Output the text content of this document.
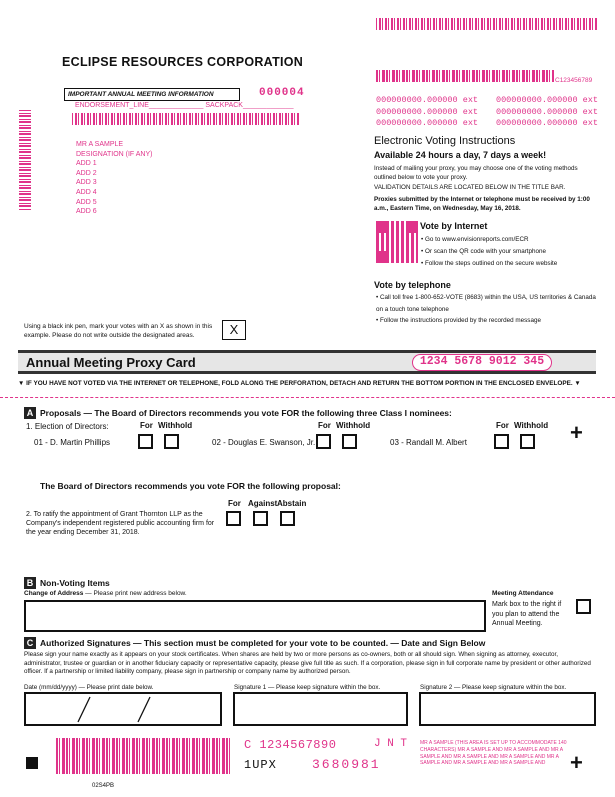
ECLIPSE RESOURCES CORPORATION
IMPORTANT ANNUAL MEETING INFORMATION	000004
ENDORSEMENT_LINE______________ SACKPACK_____________
MR A SAMPLE
DESIGNATION (IF ANY)
ADD 1
ADD 2
ADD 3
ADD 4
ADD 5
ADD 6
C123456789
000000000.000000 ext 000000000.000000 ext
000000000.000000 ext 000000000.000000 ext
000000000.000000 ext 000000000.000000 ext
Electronic Voting Instructions
Available 24 hours a day, 7 days a week!
Instead of mailing your proxy, you may choose one of the voting methods outlined below to vote your proxy.
VALIDATION DETAILS ARE LOCATED BELOW IN THE TITLE BAR.
Proxies submitted by the Internet or telephone must be received by 1:00 a.m., Eastern Time, on Wednesday, May 16, 2018.
Vote by Internet
• Go to www.envisionreports.com/ECR
• Or scan the QR code with your smartphone
• Follow the steps outlined on the secure website
Vote by telephone
• Call toll free 1-800-652-VOTE (8683) within the USA, US territories & Canada on a touch tone telephone
• Follow the instructions provided by the recorded message
Using a black ink pen, mark your votes with an X as shown in this example. Please do not write outside the designated areas.	X
Annual Meeting Proxy Card	1234 5678 9012 345
▼ IF YOU HAVE NOT VOTED VIA THE INTERNET OR TELEPHONE, FOLD ALONG THE PERFORATION, DETACH AND RETURN THE BOTTOM PORTION IN THE ENCLOSED ENVELOPE. ▼
A Proposals — The Board of Directors recommends you vote FOR the following three Class I nominees:
1. Election of Directors:	For Withhold	For Withhold	For Withhold
01 - D. Martin Phillips	02 - Douglas E. Swanson, Jr.	03 - Randall M. Albert	+
The Board of Directors recommends you vote FOR the following proposal:
For Against Abstain
2. To ratify the appointment of Grant Thornton LLP as the Company's independent registered public accounting firm for the year ending December 31, 2018.
B Non-Voting Items
Change of Address — Please print new address below.	Meeting Attendance
Mark box to the right if you plan to attend the Annual Meeting.
C Authorized Signatures — This section must be completed for your vote to be counted. — Date and Sign Below
Please sign your name exactly as it appears on your stock certificates. When shares are held by two or more persons as co-owners, both or all should sign. When signing as attorney, executor, administrator, trustee or guardian or in another fiduciary capacity or representative capacity, please give full title as such. If a corporation, please sign in full corporate name by president or other authorized officer. If a partnership or limited liability company, please sign in partnership or company name by authorized person.
Date (mm/dd/yyyy) — Please print date below.	Signature 1 — Please keep signature within the box.	Signature 2 — Please keep signature within the box.
02S4PB
C 1234567890	J N T
1UPX	3680981
MR A SAMPLE (THIS AREA IS SET UP TO ACCOMMODATE 140 CHARACTERS) MR A SAMPLE AND MR A SAMPLE AND MR A SAMPLE AND MR A SAMPLE AND MR A SAMPLE AND MR A SAMPLE AND MR A SAMPLE AND MR A SAMPLE AND	+
